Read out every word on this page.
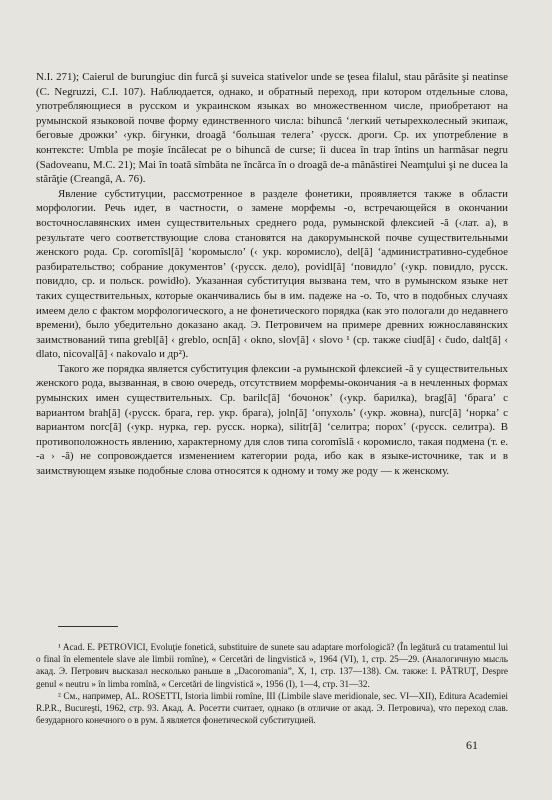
N.I. 271); Caierul de burungiuc din furcă şi suveica stativelor unde se ţesea filalul, stau părăsite şi neatinse (C. Negruzzi, C.I. 107). Наблюдается, однако, и обратный переход, при котором отдельные слова, употребляющиеся в русском и украинском языках во множественном числе, приобретают на румынской языковой почве форму единственного числа: bihuncă ‘легкий четырехколесный экипаж, беговые дрожки’ ‹укр. бігунки, droagă ‘большая телега’ ‹русск. дроги. Ср. их употребление в контексте: Umbla pe moşie încălecat pe o bihuncă de curse; îi ducea în trap întins un harmăsar negru (Sadoveanu, M.C. 21); Mai în toată sîmbăta ne încărca în o droagă de-a mănăstirei Neamţului şi ne ducea la stărăţie (Creangă, A. 76).

Явление субституции, рассмотренное в разделе фонетики, проявляется также в области морфологии. Речь идет, в частности, о замене морфемы -о, встречающейся в окончании восточнославянских имен существительных среднего рода, румынской флексией -ă (‹лат. a), в результате чего соответствующие слова становятся на дакорумынской почве существительными женского рода. Ср. coromîsl[ă] ‘коромысло’ (‹ укр. коромисло), del[ă] ‘административно-судебное разбирательство; собрание документов’ (‹русск. дело), povidl[ă] ‘повидло’ (‹укр. повидло, русск. повидло, ср. и польск. powidło). Указанная субституция вызвана тем, что в румынском языке нет таких существительных, которые оканчивались бы в им. падеже на -о. То, что в подобных случаях имеем дело с фактом морфологического, а не фонетического порядка (как это пологали до недавнего времени), было убедительно доказано акад. Э. Петровичем на примере древних южнославянских заимствований типа grebl[ă] ‹ greblo, ocn[ă] ‹ okno, slov[ă] ‹ slovo ¹ (ср. также ciud[ă] ‹ čudo, dalt[ă] ‹ dlato, nicoval[ă] ‹ nakovalo и др²).

Такого же порядка является субституция флексии -а румынской флексией -ă у существительных женского рода, вызванная, в свою очередь, отсутствием морфемы-окончания -а в нечленных формах румынских имен существительных. Ср. barilc[ă] ‘бочонок’ (‹укр. барилка), brag[ă] ‘брага’ с вариантом brah[ă] (‹русск. брага, гер. укр. брага), joln[ă] ‘опухоль’ (‹укр. жовна), nurc[ă] ‘норка’ с вариантом norc[ă] (‹укр. нурка, гер. русск. норка), silitr[ă] ‘селитра; порох’ (‹русск. селитра). В противоположность явлению, характерному для слов типа coromîslă ‹ коромисло, такая подмена (т. е. -а › -ă) не сопровождается изменением категории рода, ибо как в языке-источнике, так и в заимствующем языке подобные слова относятся к одному и тому же роду — к женскому.

¹ Acad. E. PETROVICI, Evoluţie fonetică, substituire de sunete sau adaptare morfologică? (În legătură cu tratamentul lui o final în elementele slave ale limbii romîne), « Cercetări de lingvistică », 1964 (VI), 1, стр. 25—29. (Аналогичную мысль акад. Э. Петрович высказал несколько раньше в „Dacoromania”, X, 1, стр. 137—138). См. также: I. PĂTRUŢ, Despre genul « neutru » în limba romînă, « Cercetări de lingvistică », 1956 (I), 1—4, стр. 31—32.

² См., например, AL. ROSETTI, Istoria limbii romîne, III (Limbile slave meridionale, sec. VI—XII), Editura Academiei R.P.R., Bucureşti, 1962, стр. 93. Акад. А. Росетти считает, однако (в отличие от акад. Э. Петровича), что переход слав. безударного конечного о в рум. ă является фонетической субституцией.

61
